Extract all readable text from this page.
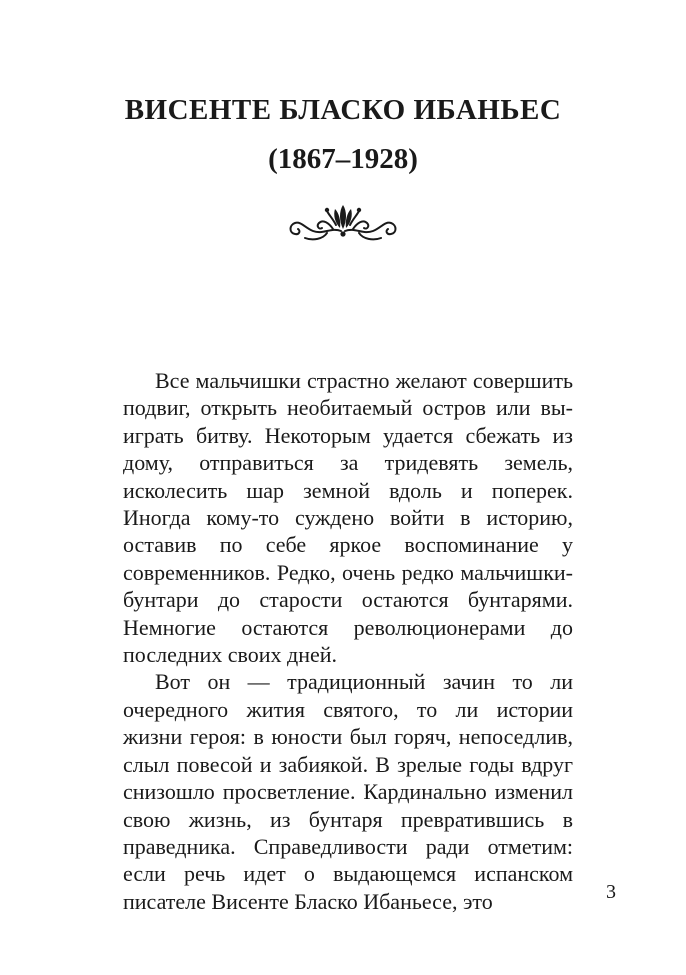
ВИСЕНТЕ БЛАСКО ИБАНЬЕС
(1867–1928)

Все мальчишки страстно желают совершить подвиг, открыть необитаемый остров или выиграть битву. Некоторым удается сбежать из дому, отправиться за тридевять земель, исколесить шар земной вдоль и поперек. Иногда кому-то суждено войти в историю, оставив по себе яркое воспоминание у современников. Редко, очень редко мальчишки-бунтари до старости остаются бунтарями. Немногие остаются революционерами до последних своих дней.

Вот он — традиционный зачин то ли очередного жития святого, то ли истории жизни героя: в юности был горяч, непоседлив, слыл повесой и забиякой. В зрелые годы вдруг снизошло просветление. Кардинально изменил свою жизнь, из бунтаря превратившись в праведника. Справедливости ради отметим: если речь идет о выдающемся испанском писателе Висенте Бласко Ибаньесе, это	3
